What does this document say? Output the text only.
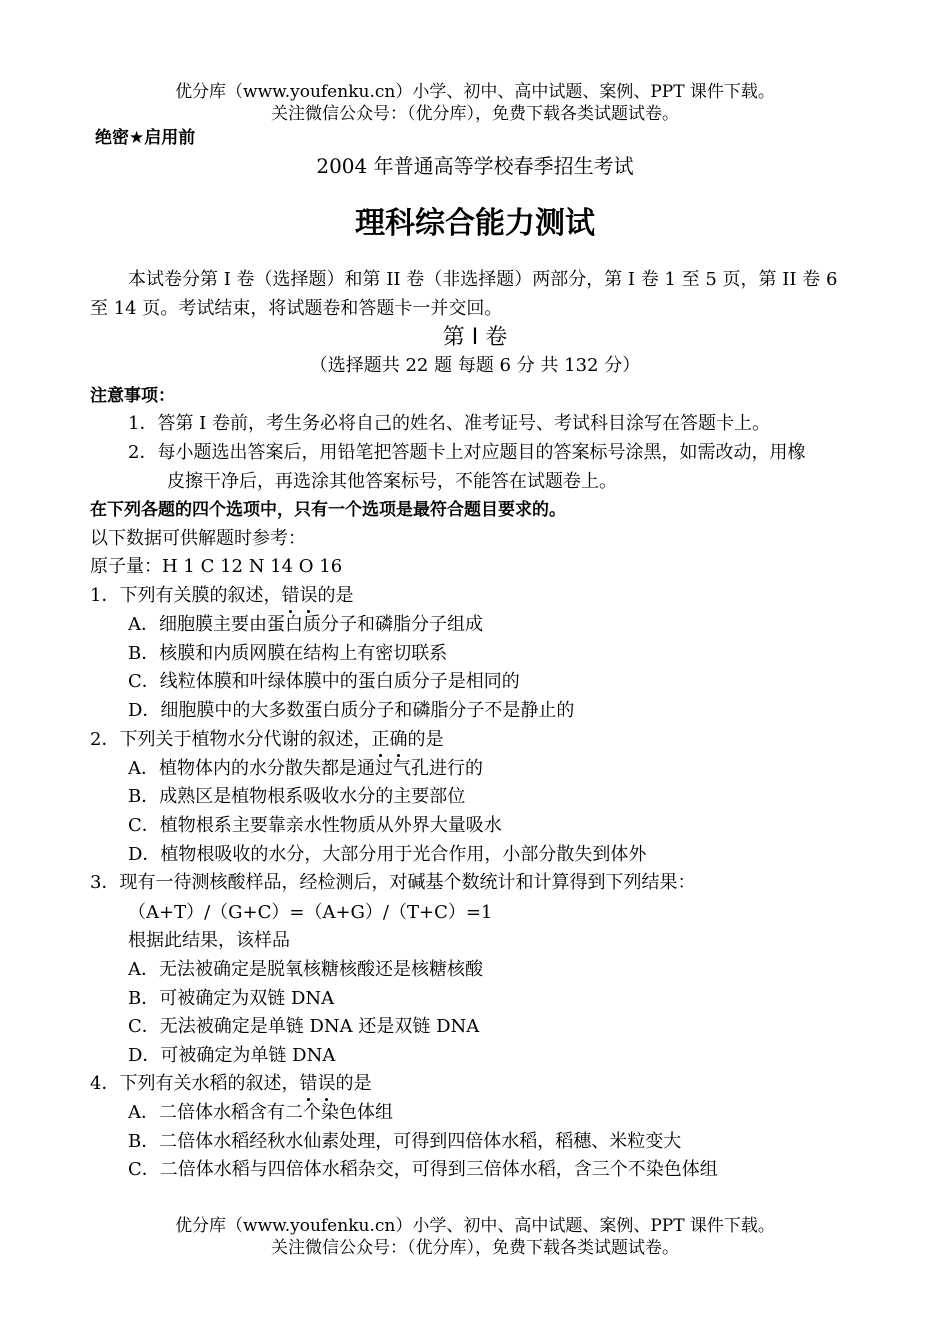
优分库（www.youfenku.cn）小学、初中、高中试题、案例、PPT 课件下载。
关注微信公众号：（优分库），免费下载各类试题试卷。
绝密★启用前
2004 年普通高等学校春季招生考试
理科综合能力测试
本试卷分第 I 卷（选择题）和第 II 卷（非选择题）两部分，第 I 卷 1 至 5 页，第 II 卷 6
至 14 页。考试结束，将试题卷和答题卡一并交回。
第 I 卷
（选择题共 22 题 每题 6 分 共 132 分）
注意事项：
1．答第 I 卷前，考生务必将自己的姓名、准考证号、考试科目涂写在答题卡上。
2．每小题选出答案后，用铅笔把答题卡上对应题目的答案标号涂黑，如需改动，用橡
皮擦干净后，再选涂其他答案标号，不能答在试题卷上。
在下列各题的四个选项中，只有一个选项是最符合题目要求的。
以下数据可供解题时参考：
原子量：H 1 C 12 N 14 O 16
1．下列有关膜的叙述，错误的是
A．细胞膜主要由蛋白质分子和磷脂分子组成
B．核膜和内质网膜在结构上有密切联系
C．线粒体膜和叶绿体膜中的蛋白质分子是相同的
D．细胞膜中的大多数蛋白质分子和磷脂分子不是静止的
2．下列关于植物水分代谢的叙述，正确的是
A．植物体内的水分散失都是通过气孔进行的
B．成熟区是植物根系吸收水分的主要部位
C．植物根系主要靠亲水性物质从外界大量吸水
D．植物根吸收的水分，大部分用于光合作用，小部分散失到体外
3．现有一待测核酸样品，经检测后，对碱基个数统计和计算得到下列结果：
（A+T）/（G+C）=（A+G）/（T+C）=1
根据此结果，该样品
A．无法被确定是脱氧核糖核酸还是核糖核酸
B．可被确定为双链 DNA
C．无法被确定是单链 DNA 还是双链 DNA
D．可被确定为单链 DNA
4．下列有关水稻的叙述，错误的是
A．二倍体水稻含有二个染色体组
B．二倍体水稻经秋水仙素处理，可得到四倍体水稻，稻穗、米粒变大
C．二倍体水稻与四倍体水稻杂交，可得到三倍体水稻，含三个不染色体组
优分库（www.youfenku.cn）小学、初中、高中试题、案例、PPT 课件下载。
关注微信公众号：（优分库），免费下载各类试题试卷。
